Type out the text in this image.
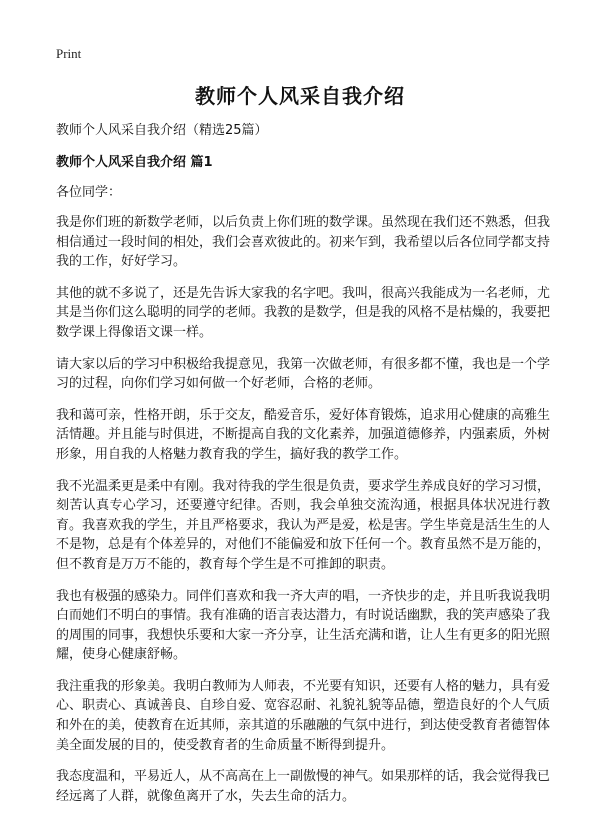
Print
教师个人风采自我介绍

教师个人风采自我介绍（精选25篇）

教师个人风采自我介绍 篇1

各位同学：

我是你们班的新数学老师，以后负责上你们班的数学课。虽然现在我们还不熟悉，但我相信通过一段时间的相处，我们会喜欢彼此的。初来乍到，我希望以后各位同学都支持我的工作，好好学习。

其他的就不多说了，还是先告诉大家我的名字吧。我叫，很高兴我能成为一名老师，尤其是当你们这么聪明的同学的老师。我教的是数学，但是我的风格不是枯燥的，我要把数学课上得像语文课一样。

请大家以后的学习中积极给我提意见，我第一次做老师，有很多都不懂，我也是一个学习的过程，向你们学习如何做一个好老师，合格的老师。

我和蔼可亲，性格开朗，乐于交友，酷爱音乐，爱好体育锻炼，追求用心健康的高雅生活情趣。并且能与时俱进，不断提高自我的文化素养，加强道德修养，内强素质，外树形象，用自我的人格魅力教育我的学生，搞好我的教学工作。

我不光温柔更是柔中有刚。我对待我的学生很是负责，要求学生养成良好的学习习惯，刻苦认真专心学习，还要遵守纪律。否则，我会单独交流沟通，根据具体状况进行教育。我喜欢我的学生，并且严格要求，我认为严是爱，松是害。学生毕竟是活生生的人不是物，总是有个体差异的，对他们不能偏爱和放下任何一个。教育虽然不是万能的，但不教育是万万不能的，教育每个学生是不可推卸的职责。

我也有极强的感染力。同伴们喜欢和我一齐大声的唱，一齐快步的走，并且听我说我明白而她们不明白的事情。我有准确的语言表达潜力，有时说话幽默，我的笑声感染了我的周围的同事，我想快乐要和大家一齐分享，让生活充满和谐，让人生有更多的阳光照耀，使身心健康舒畅。

我注重我的形象美。我明白教师为人师表，不光要有知识，还要有人格的魅力，具有爱心、职责心、真诚善良、自珍自爱、宽容忍耐、礼貌礼貌等品德，塑造良好的个人气质和外在的美，使教育在近其师，亲其道的乐融融的气氛中进行，到达使受教育者德智体美全面发展的目的，使受教育者的生命质量不断得到提升。

我态度温和，平易近人，从不高高在上一副傲慢的神气。如果那样的话，我会觉得我已经远离了人群，就像鱼离开了水，失去生命的活力。
